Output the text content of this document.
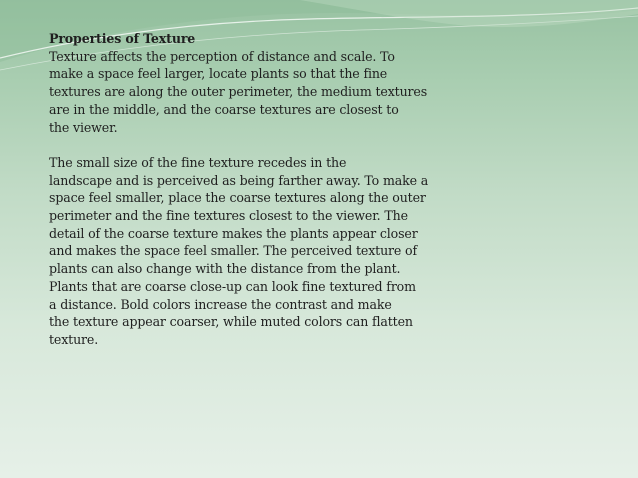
Properties of Texture

Texture affects the perception of distance and scale. To
make a space feel larger, locate plants so that the fine
textures are along the outer perimeter, the medium textures
are in the middle, and the coarse textures are closest to
the viewer.

The small size of the fine texture recedes in the
landscape and is perceived as being farther away. To make a
space feel smaller, place the coarse textures along the outer
perimeter and the fine textures closest to the viewer. The
detail of the coarse texture makes the plants appear closer
and makes the space feel smaller. The perceived texture of
plants can also change with the distance from the plant.
Plants that are coarse close-up can look fine textured from
a distance. Bold colors increase the contrast and make
the texture appear coarser, while muted colors can flatten
texture.
